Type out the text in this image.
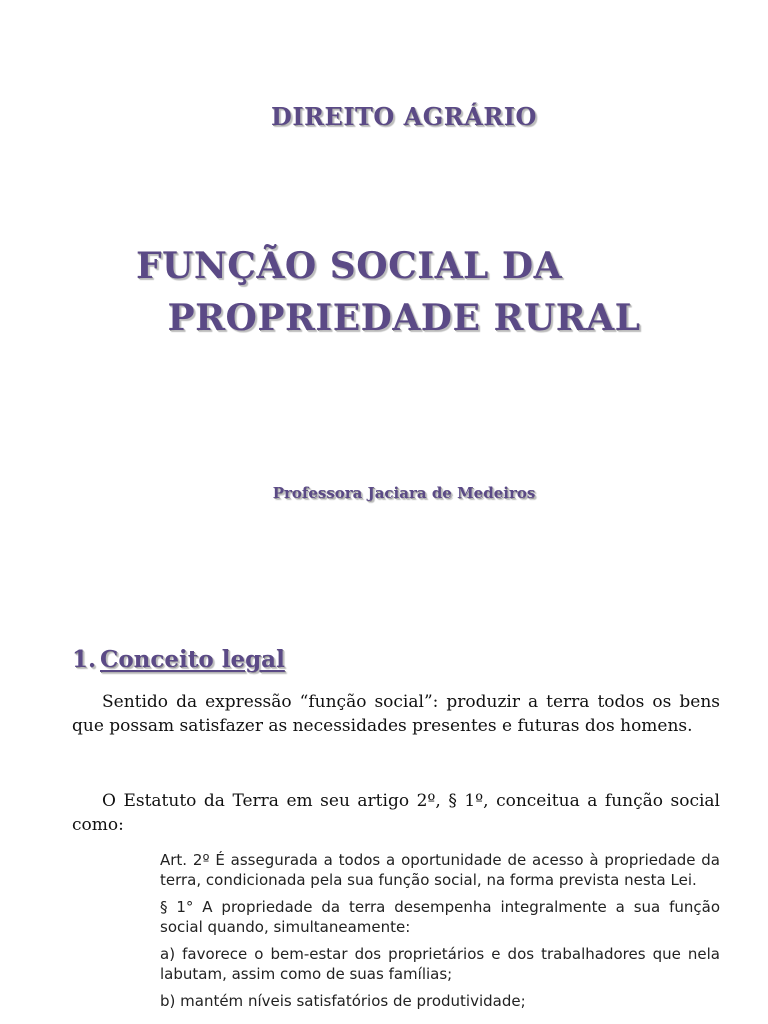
DIREITO AGRÁRIO
FUNÇÃO SOCIAL DA
PROPRIEDADE RURAL

Professora Jaciara de Medeiros

1. Conceito legal

Sentido da expressão “função social”: produzir a terra todos os bens que possam satisfazer as necessidades presentes e futuras dos homens.

O Estatuto da Terra em seu artigo 2º, § 1º, conceitua a função social como:

Art. 2º É assegurada a todos a oportunidade de acesso à propriedade da terra, condicionada pela sua função social, na forma prevista nesta Lei.

§ 1° A propriedade da terra desempenha integralmente a sua função social quando, simultaneamente:

a) favorece o bem-estar dos proprietários e dos trabalhadores que nela labutam, assim como de suas famílias;

b) mantém níveis satisfatórios de produtividade;
